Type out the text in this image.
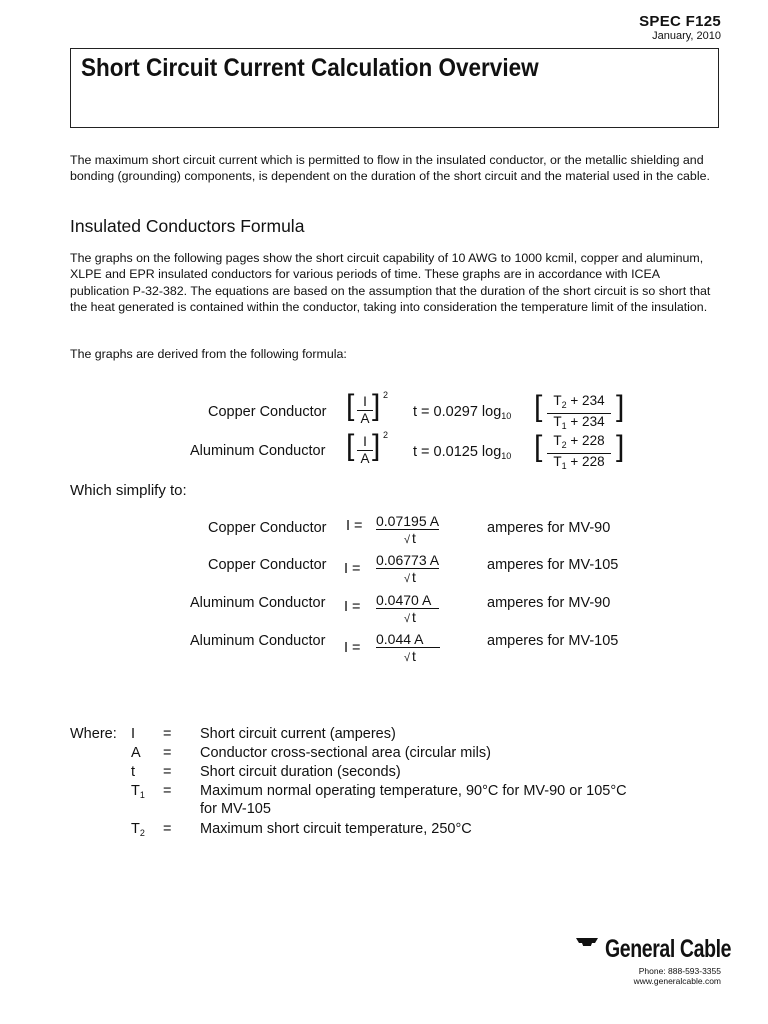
SPEC F125
January, 2010
Short Circuit Current Calculation Overview
The maximum short circuit current which is permitted to flow in the insulated conductor, or the metallic shielding and bonding (grounding) components, is dependent on the duration of the short circuit and the material used in the cable.
Insulated Conductors Formula
The graphs on the following pages show the short circuit capability of 10 AWG to 1000 kcmil, copper and aluminum, XLPE and EPR insulated conductors for various periods of time. These graphs are in accordance with ICEA publication P-32-382. The equations are based on the assumption that the duration of the short circuit is so short that the heat generated is contained within the conductor, taking into consideration the temperature limit of the insulation.
The graphs are derived from the following formula:
Copper Conductor [ $\frac{I}{A}$ ] 2
t = 0.0297 $\log_{10}$ [ $\frac{T_2 + 234}{T_1 + 234}$ ]
Aluminum Conductor [ $\frac{I}{A}$ ] 2
t = 0.0125 $\log_{10}$ [ $\frac{T_2 + 228}{T_1 + 228}$ ]
Which simplify to:
Copper Conductor $I = \frac{0.07195 A}{√ t}$ amperes for MV-90
Copper Conductor $I = \frac{0.06773 A}{√ t}$ amperes for MV-105
Aluminum Conductor $I = \frac{0.0470 A}{√ t}$ amperes for MV-90
Aluminum Conductor $I = \frac{0.044 A}{√ t}$ amperes for MV-105
Where: I = Short circuit current (amperes)
A = Conductor cross-sectional area (circular mils)
t = Short circuit duration (seconds)
$T_1$ = Maximum normal operating temperature, 90°C for MV-90 or 105°C
for MV-105
$T_2$ = Maximum short circuit temperature, 250°C
General Cable
Phone: 888-593-3355
www.generalcable.com
